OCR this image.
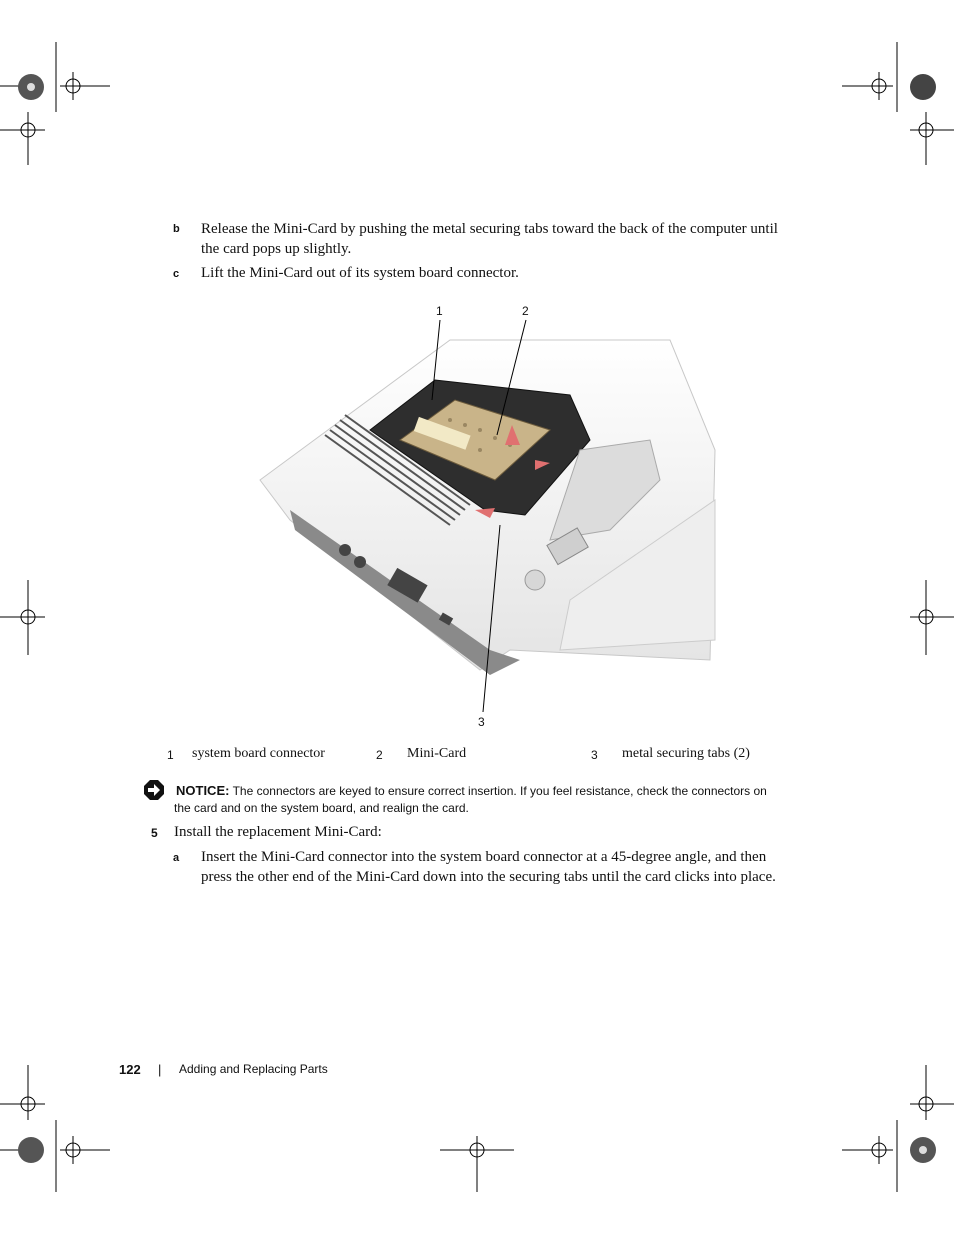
b Release the Mini-Card by pushing the metal securing tabs toward the back of the computer until
the card pops up slightly.
c Lift the Mini-Card out of its system board connector.
1	2
3
1 system board connector	2 Mini-Card	3 metal securing tabs (2)
NOTICE: The connectors are keyed to ensure correct insertion. If you feel resistance, check the connectors on
the card and on the system board, and realign the card.
5 Install the replacement Mini-Card:
a Insert the Mini-Card connector into the system board connector at a 45-degree angle, and then
press the other end of the Mini-Card down into the securing tabs until the card clicks into place.
122 | Adding and Replacing Parts
